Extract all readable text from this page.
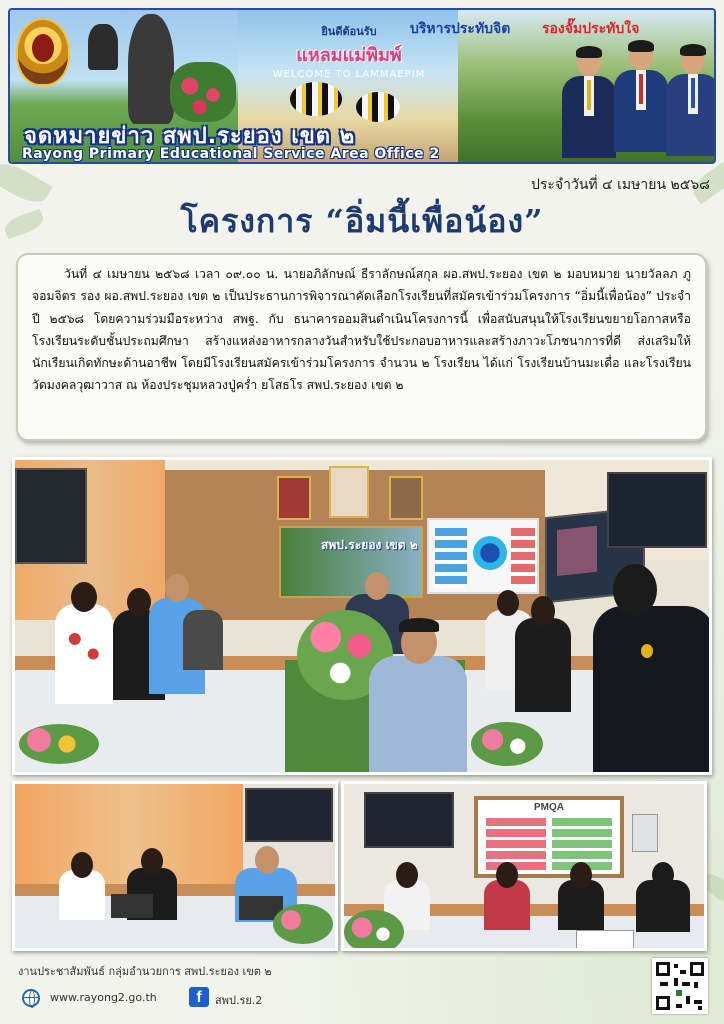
ยินดีต้อนรับ
แหลมแม่พิมพ์
WELCOME TO LAMMAEPIM
บริหารประทับจิต รองจั๊มประทับใจ
จดหมายข่าว สพป.ระยอง เขต ๒
Rayong Primary Educational Service Area Office 2
ประจำวันที่ ๔ เมษายน ๒๕๖๘
โครงการ “อิ่มนี้เพื่อน้อง”

วันที่ ๔ เมษายน ๒๕๖๘ เวลา ๐๙.๐๐ น. นายอภิลักษณ์ ธีราลักษณ์สกุล ผอ.สพป.ระยอง เขต ๒ มอบหมาย นายวัลลภ ภูจอมจิตร รอง ผอ.สพป.ระยอง เขต ๒ เป็นประธานการพิจารณาคัดเลือกโรงเรียนที่สมัครเข้าร่วมโครงการ “อิ่มนี้เพื่อน้อง” ประจำปี ๒๕๖๘ โดยความร่วมมือระหว่าง สพฐ. กับ ธนาคารออมสินดำเนินโครงการนี้ เพื่อสนับสนุนให้โรงเรียนขยายโอกาสหรือโรงเรียนระดับชั้นประถมศึกษา สร้างแหล่งอาหารกลางวันสำหรับใช้ประกอบอาหารและสร้างภาวะโภชนาการที่ดี ส่งเสริมให้นักเรียนเกิดทักษะด้านอาชีพ โดยมีโรงเรียนสมัครเข้าร่วมโครงการ จำนวน ๒ โรงเรียน ได้แก่ โรงเรียนบ้านมะเดื่อ และโรงเรียนวัดมงคลวุฒาวาส ณ ห้องประชุมหลวงปู่คร่ำ ยโสธโร สพป.ระยอง เขต ๒

สพป.ระยอง เขต ๒
PMQA
งานประชาสัมพันธ์ กลุ่มอำนวยการ สพป.ระยอง เขต ๒
www.rayong2.go.th	f	สพป.รย.2
